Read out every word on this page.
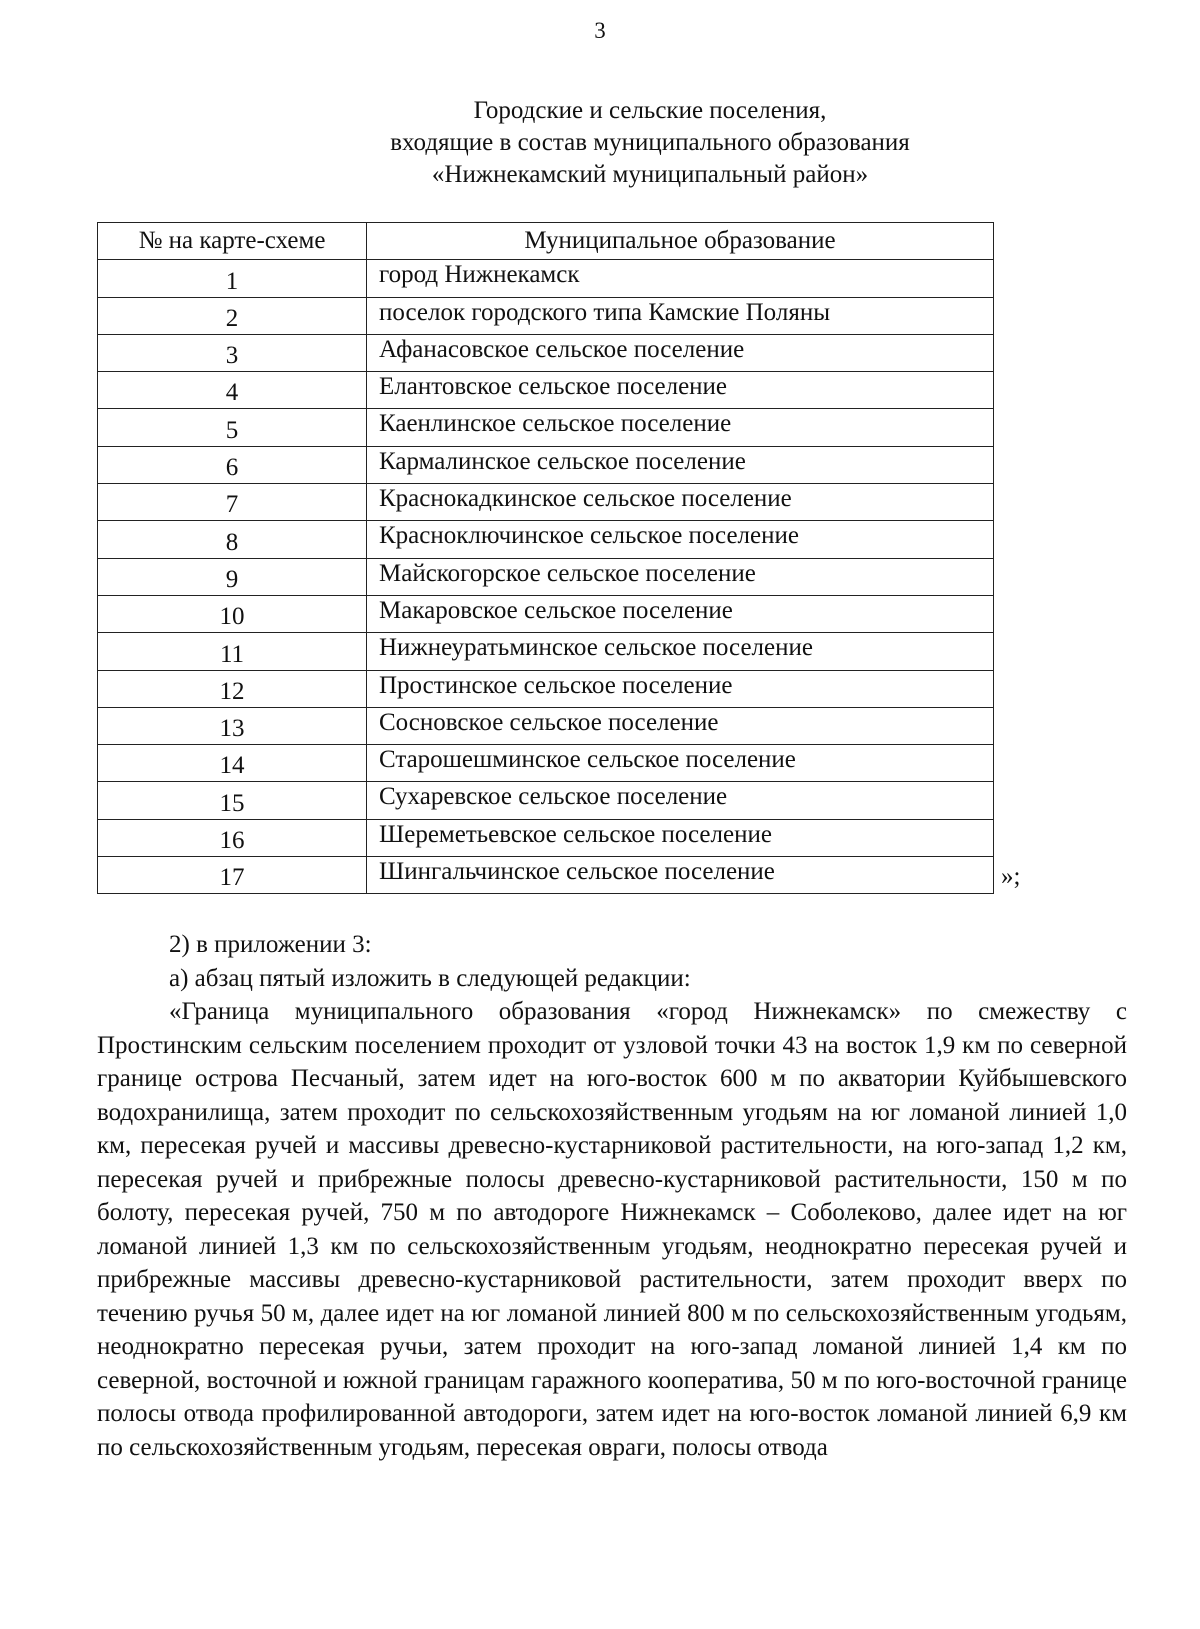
3
Городские и сельские поселения,
входящие в состав муниципального образования
«Нижнекамский муниципальный район»
№ на карте-схеме	Муниципальное образование
1	город Нижнекамск
2	поселок городского типа Камские Поляны
3	Афанасовское сельское поселение
4	Елантовское сельское поселение
5	Каенлинское сельское поселение
6	Кармалинское сельское поселение
7	Краснокадкинское сельское поселение
8	Красноключинское сельское поселение
9	Майскогорское сельское поселение
10	Макаровское сельское поселение
11	Нижнеуратьминское сельское поселение
12	Простинское сельское поселение
13	Сосновское сельское поселение
14	Старошешминское сельское поселение
15	Сухаревское сельское поселение
16	Шереметьевское сельское поселение
17	Шингальчинское сельское поселение	»;
2) в приложении 3:
а) абзац пятый изложить в следующей редакции:
«Граница муниципального образования «город Нижнекамск» по смежеству с Простинским сельским поселением проходит от узловой точки 43 на восток 1,9 км по северной границе острова Песчаный, затем идет на юго-восток 600 м по акватории Куйбышевского водохранилища, затем проходит по сельскохозяйственным угодьям на юг ломаной линией 1,0 км, пересекая ручей и массивы древесно-кустарниковой растительности, на юго-запад 1,2 км, пересекая ручей и прибрежные полосы древесно-кустарниковой растительности, 150 м по болоту, пересекая ручей, 750 м по автодороге Нижнекамск – Соболеково, далее идет на юг ломаной линией 1,3 км по сельскохозяйственным угодьям, неоднократно пересекая ручей и прибрежные массивы древесно-кустарниковой растительности, затем проходит вверх по течению ручья 50 м, далее идет на юг ломаной линией 800 м по сельскохозяйственным угодьям, неоднократно пересекая ручьи, затем проходит на юго-запад ломаной линией 1,4 км по северной, восточной и южной границам гаражного кооператива, 50 м по юго-восточной границе полосы отвода профилированной автодороги, затем идет на юго-восток ломаной линией 6,9 км по сельскохозяйственным угодьям, пересекая овраги, полосы отвода
